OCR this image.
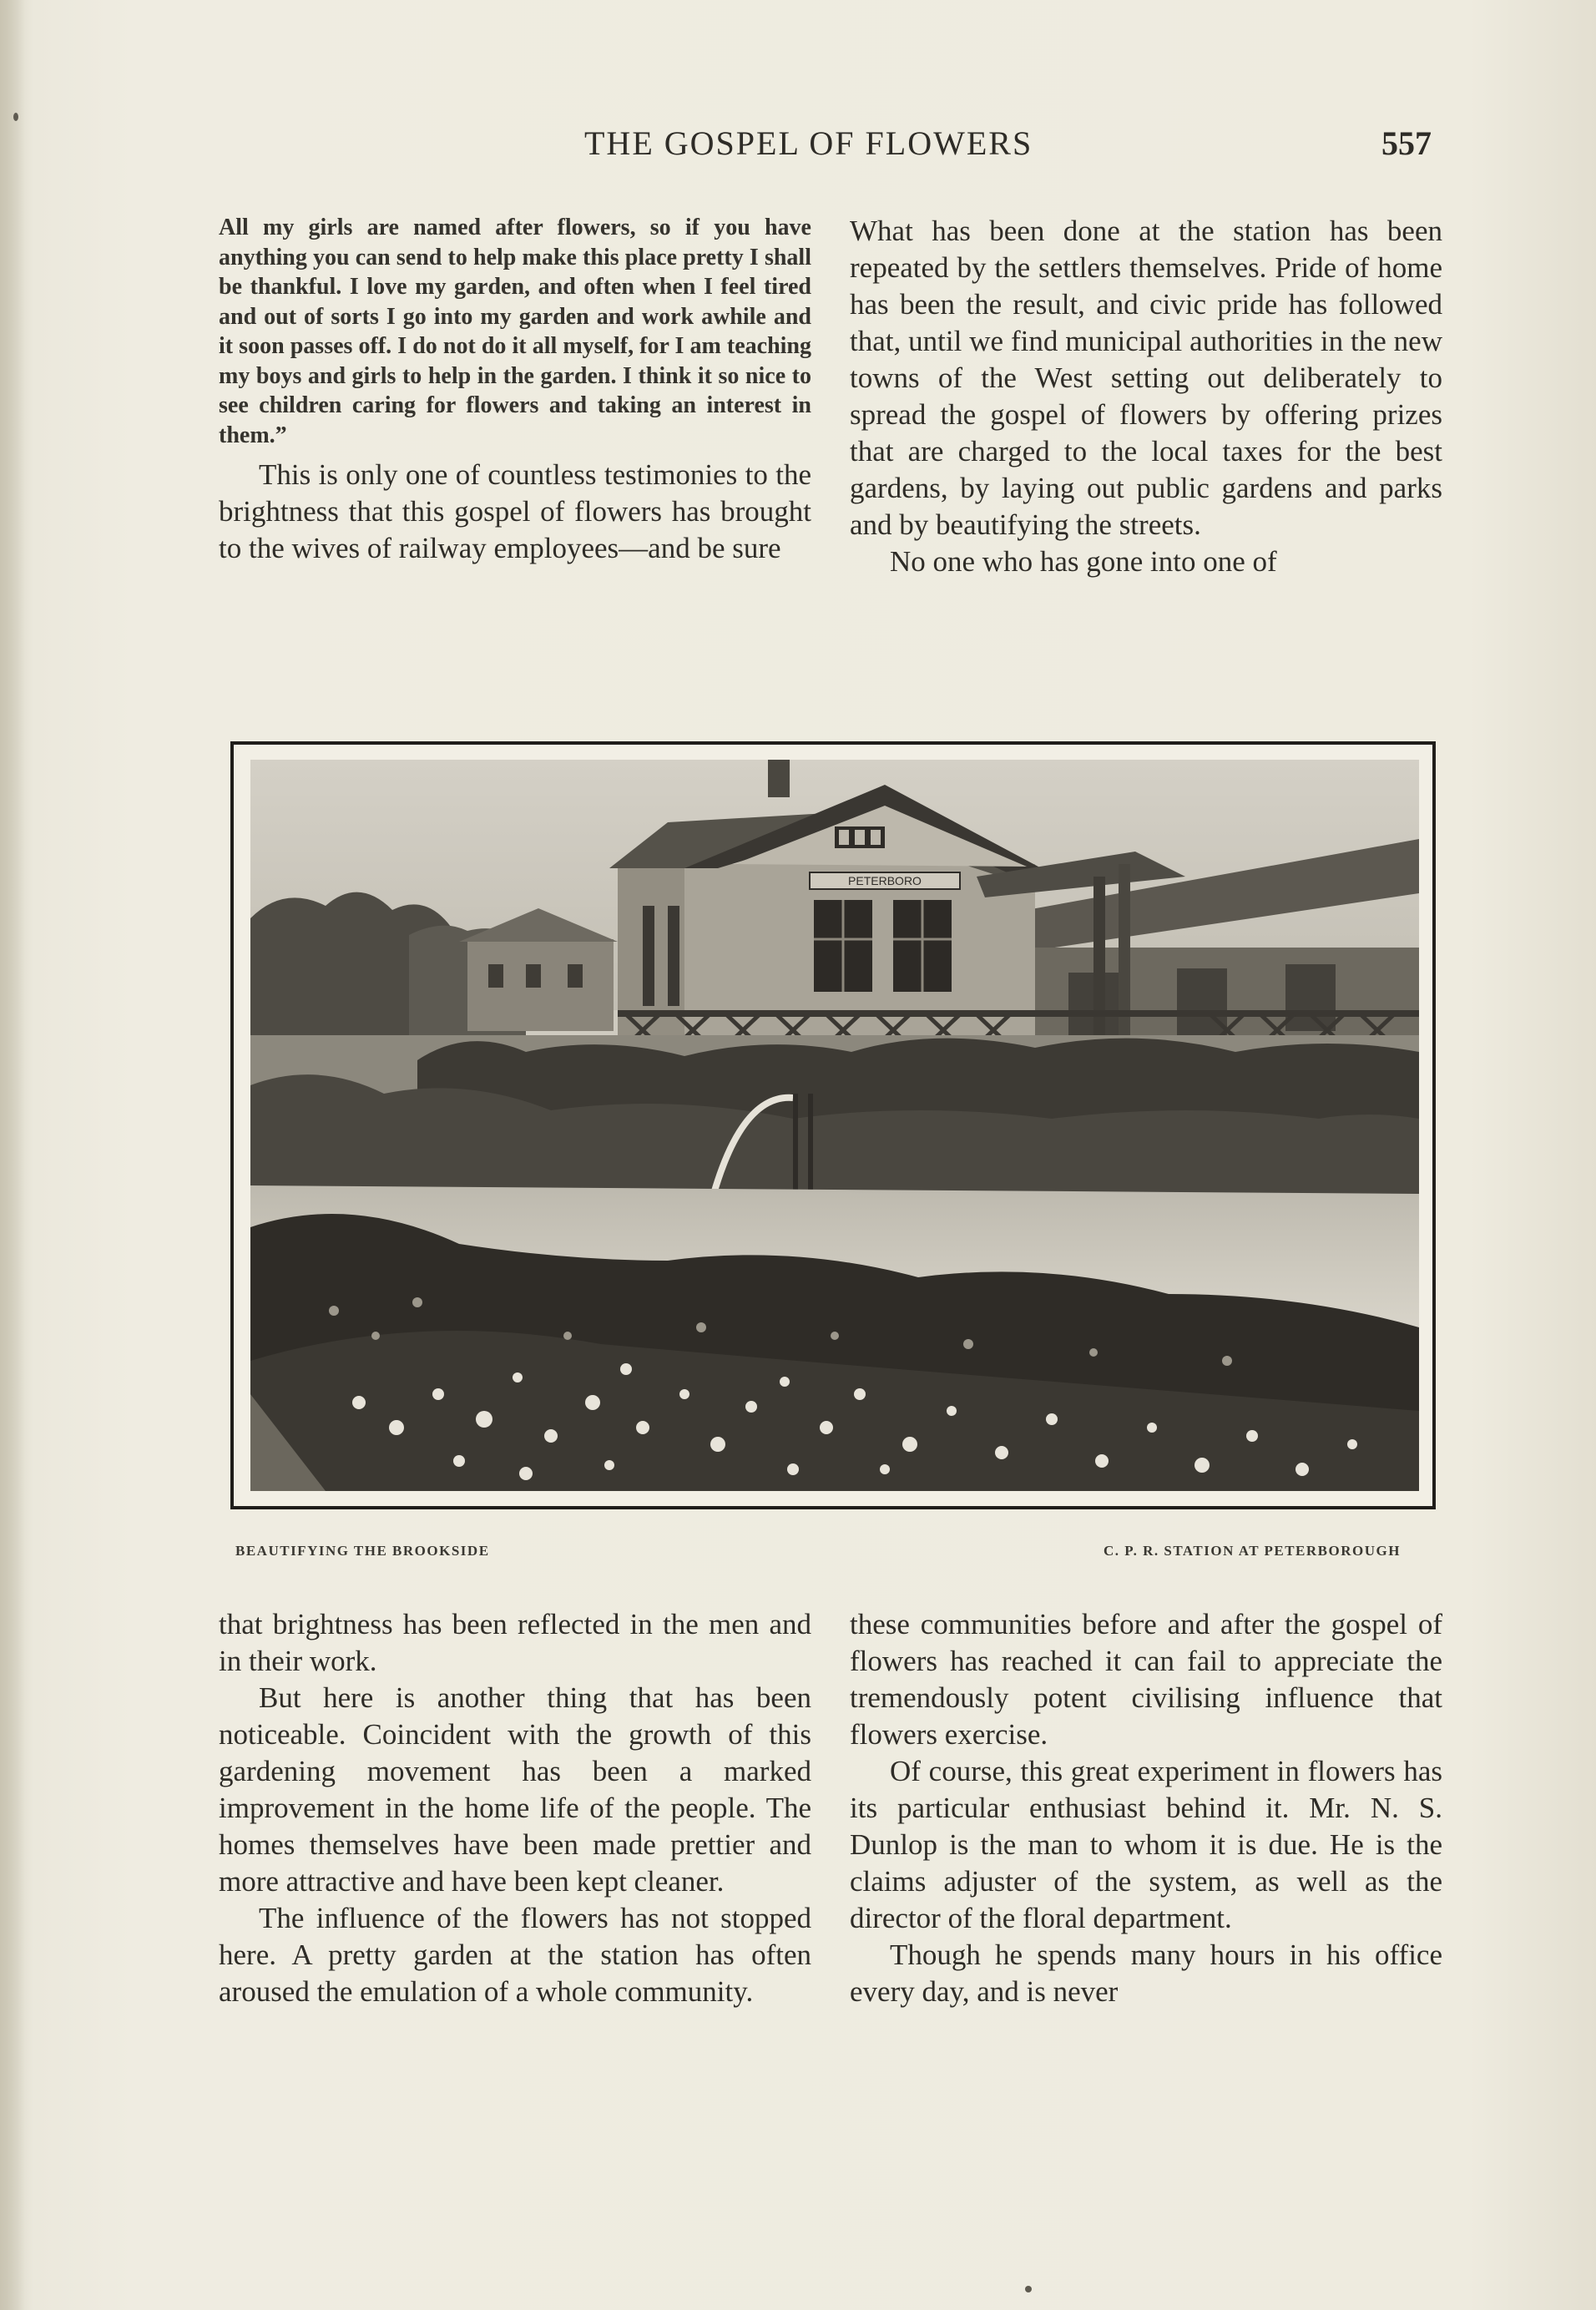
THE GOSPEL OF FLOWERS	557

All my girls are named after flowers, so if you have anything you can send to help make this place pretty I shall be thankful. I love my garden, and often when I feel tired and out of sorts I go into my garden and work awhile and it soon passes off. I do not do it all myself, for I am teaching my boys and girls to help in the garden. I think it so nice to see children caring for flowers and taking an interest in them.”

This is only one of countless testimonies to the brightness that this gospel of flowers has brought to the wives of railway employees—and be sure

What has been done at the station has been repeated by the settlers themselves. Pride of home has been the result, and civic pride has followed that, until we find municipal authorities in the new towns of the West setting out deliberately to spread the gospel of flowers by offering prizes that are charged to the local taxes for the best gardens, by laying out public gardens and parks and by beautifying the streets.

No one who has gone into one of

PETERBORO
BEAUTIFYING THE BROOKSIDE	C. P. R. STATION AT PETERBOROUGH

that brightness has been reflected in the men and in their work.

But here is another thing that has been noticeable. Coincident with the growth of this gardening movement has been a marked improvement in the home life of the people. The homes themselves have been made prettier and more attractive and have been kept cleaner.

The influence of the flowers has not stopped here. A pretty garden at the station has often aroused the emulation of a whole community.

these communities before and after the gospel of flowers has reached it can fail to appreciate the tremendously potent civilising influence that flowers exercise.

Of course, this great experiment in flowers has its particular enthusiast behind it. Mr. N. S. Dunlop is the man to whom it is due. He is the claims adjuster of the system, as well as the director of the floral department.

Though he spends many hours in his office every day, and is never
